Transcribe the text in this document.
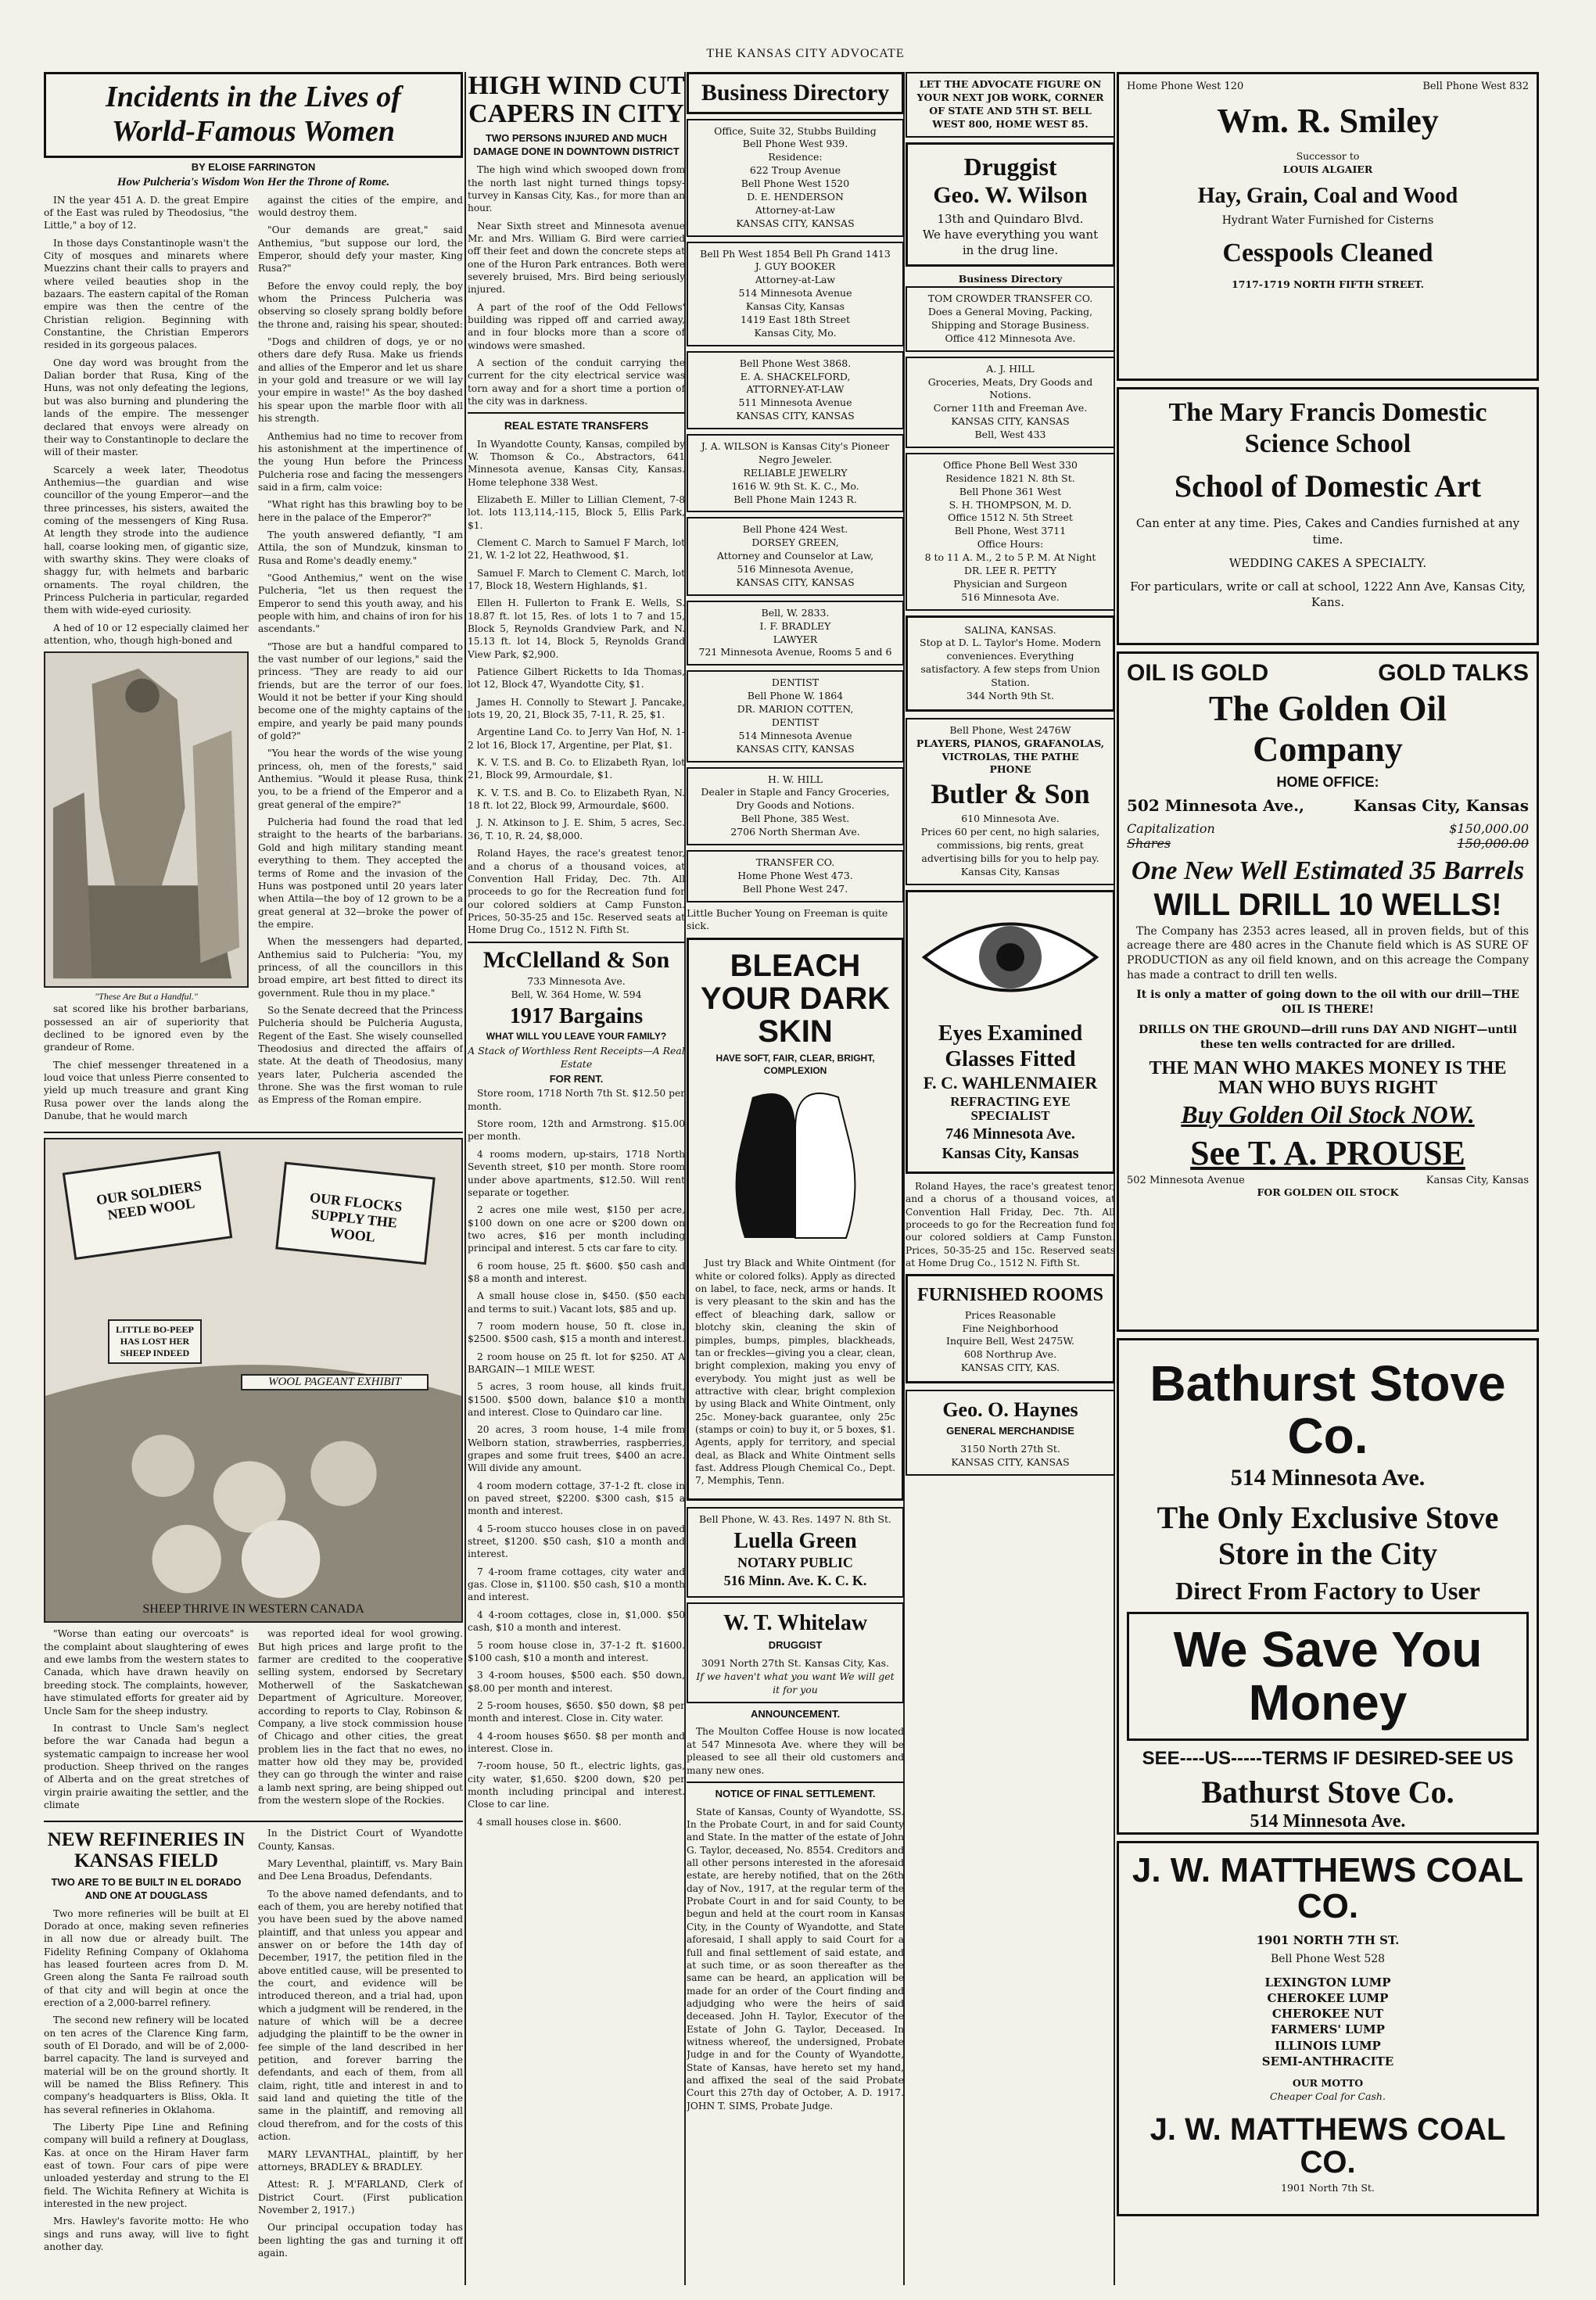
THE KANSAS CITY ADVOCATE
Incidents in the Lives of
World-Famous Women
BY ELOISE FARRINGTON
How Pulcheria's Wisdom Won Her the Throne of Rome.

IN the year 451 A. D. the great Empire of the East was ruled by Theodosius, "the Little," a boy of 12.

In those days Constantinople wasn't the City of mosques and minarets where Muezzins chant their calls to prayers and where veiled beauties shop in the bazaars. The eastern capital of the Roman empire was then the centre of the Christian religion. Beginning with Constantine, the Christian Emperors resided in its gorgeous palaces.

One day word was brought from the Dalian border that Rusa, King of the Huns, was not only defeating the legions, but was also burning and plundering the lands of the empire. The messenger declared that envoys were already on their way to Constantinople to declare the will of their master.

Scarcely a week later, Theodotus Anthemius—the guardian and wise councillor of the young Emperor—and the three princesses, his sisters, awaited the coming of the messengers of King Rusa. At length they strode into the audience hall, coarse looking men, of gigantic size, with swarthy skins. They were cloaks of shaggy fur, with helmets and barbaric ornaments. The royal children, the Princess Pulcheria in particular, regarded them with wide-eyed curiosity.

A hed of 10 or 12 especially claimed her attention, who, though high-boned and

"These Are But a Handful."

sat scored like his brother barbarians, possessed an air of superiority that declined to be ignored even by the grandeur of Rome.

The chief messenger threatened in a loud voice that unless Pierre consented to yield up much treasure and grant King Rusa power over the lands along the Danube, that he would march

against the cities of the empire, and would destroy them.

"Our demands are great," said Anthemius, "but suppose our lord, the Emperor, should defy your master, King Rusa?"

Before the envoy could reply, the boy whom the Princess Pulcheria was observing so closely sprang boldly before the throne and, raising his spear, shouted:

"Dogs and children of dogs, ye or no others dare defy Rusa. Make us friends and allies of the Emperor and let us share in your gold and treasure or we will lay your empire in waste!" As the boy dashed his spear upon the marble floor with all his strength.

Anthemius had no time to recover from his astonishment at the impertinence of the young Hun before the Princess Pulcheria rose and facing the messengers said in a firm, calm voice:

"What right has this brawling boy to be here in the palace of the Emperor?"

The youth answered defiantly, "I am Attila, the son of Mundzuk, kinsman to Rusa and Rome's deadly enemy."

"Good Anthemius," went on the wise Pulcheria, "let us then request the Emperor to send this youth away, and his people with him, and chains of iron for his ascendants."

"Those are but a handful compared to the vast number of our legions," said the princess. "They are ready to aid our friends, but are the terror of our foes. Would it not be better if your King should become one of the mighty captains of the empire, and yearly be paid many pounds of gold?"

"You hear the words of the wise young princess, oh, men of the forests," said Anthemius. "Would it please Rusa, think you, to be a friend of the Emperor and a great general of the empire?"

Pulcheria had found the road that led straight to the hearts of the barbarians. Gold and high military standing meant everything to them. They accepted the terms of Rome and the invasion of the Huns was postponed until 20 years later when Attila—the boy of 12 grown to be a great general at 32—broke the power of the empire.

When the messengers had departed, Anthemius said to Pulcheria: "You, my princess, of all the councillors in this broad empire, art best fitted to direct its government. Rule thou in my place."

So the Senate decreed that the Princess Pulcheria should be Pulcheria Augusta, Regent of the East. She wisely counselled Theodosius and directed the affairs of state. At the death of Theodosius, many years later, Pulcheria ascended the throne. She was the first woman to rule as Empress of the Roman empire.

OUR SOLDIERS NEED WOOL	OUR FLOCKS SUPPLY THE WOOL
LITTLE BO-PEEP HAS LOST HER SHEEP INDEED
WOOL PAGEANT EXHIBIT
SHEEP THRIVE IN WESTERN CANADA

"Worse than eating our overcoats" is the complaint about slaughtering of ewes and ewe lambs from the western states to Canada, which have drawn heavily on breeding stock. The complaints, however, have stimulated efforts for greater aid by Uncle Sam for the sheep industry.

In contrast to Uncle Sam's neglect before the war Canada had begun a systematic campaign to increase her wool production. Sheep thrived on the ranges of Alberta and on the great stretches of virgin prairie awaiting the settler, and the climate

was reported ideal for wool growing. But high prices and large profit to the farmer are credited to the cooperative selling system, endorsed by Secretary Motherwell of the Saskatchewan Department of Agriculture. Moreover, according to reports to Clay, Robinson & Company, a live stock commission house of Chicago and other cities, the great problem lies in the fact that no ewes, no matter how old they may be, provided they can go through the winter and raise a lamb next spring, are being shipped out from the western slope of the Rockies.

NEW REFINERIES IN KANSAS FIELD
TWO ARE TO BE BUILT IN EL DORADO AND ONE AT DOUGLASS

Two more refineries will be built at El Dorado at once, making seven refineries in all now due or already built. The Fidelity Refining Company of Oklahoma has leased fourteen acres from D. M. Green along the Santa Fe railroad south of that city and will begin at once the erection of a 2,000-barrel refinery.

The second new refinery will be located on ten acres of the Clarence King farm, south of El Dorado, and will be of 2,000-barrel capacity. The land is surveyed and material will be on the ground shortly. It will be named the Bliss Refinery. This company's headquarters is Bliss, Okla. It has several refineries in Oklahoma.

The Liberty Pipe Line and Refining company will build a refinery at Douglass, Kas. at once on the Hiram Haver farm east of town. Four cars of pipe were unloaded yesterday and strung to the El field. The Wichita Refinery at Wichita is interested in the new project.

Mrs. Hawley's favorite motto: He who sings and runs away, will live to fight another day.

In the District Court of Wyandotte County, Kansas.

Mary Leventhal, plaintiff, vs. Mary Bain and Dee Lena Broadus, Defendants.

To the above named defendants, and to each of them, you are hereby notified that you have been sued by the above named plaintiff, and that unless you appear and answer on or before the 14th day of December, 1917, the petition filed in the above entitled cause, will be presented to the court, and evidence will be introduced thereon, and a trial had, upon which a judgment will be rendered, in the nature of which will be a decree adjudging the plaintiff to be the owner in fee simple of the land described in her petition, and forever barring the defendants, and each of them, from all claim, right, title and interest in and to said land and quieting the title of the same in the plaintiff, and removing all cloud therefrom, and for the costs of this action.

MARY LEVANTHAL, plaintiff, by her attorneys, BRADLEY & BRADLEY.

Attest: R. J. M'FARLAND, Clerk of District Court. (First publication November 2, 1917.)

Our principal occupation today has been lighting the gas and turning it off again.

HIGH WIND CUT CAPERS IN CITY
TWO PERSONS INJURED AND MUCH DAMAGE DONE IN DOWNTOWN DISTRICT

The high wind which swooped down from the north last night turned things topsy-turvey in Kansas City, Kas., for more than an hour.

Near Sixth street and Minnesota avenue Mr. and Mrs. William G. Bird were carried off their feet and down the concrete steps at one of the Huron Park entrances. Both were severely bruised, Mrs. Bird being seriously injured.

A part of the roof of the Odd Fellows' building was ripped off and carried away, and in four blocks more than a score of windows were smashed.

A section of the conduit carrying the current for the city electrical service was torn away and for a short time a portion of the city was in darkness.

REAL ESTATE TRANSFERS

In Wyandotte County, Kansas, compiled by W. Thomson & Co., Abstractors, 641 Minnesota avenue, Kansas City, Kansas. Home telephone 338 West.

Elizabeth E. Miller to Lillian Clement, 7-8 lot. lots 113,114,-115, Block 5, Ellis Park, $1.

Clement C. March to Samuel F March, lot 21, W. 1-2 lot 22, Heathwood, $1.

Samuel F. March to Clement C. March, lot 17, Block 18, Western Highlands, $1.

Ellen H. Fullerton to Frank E. Wells, S. 18.87 ft. lot 15, Res. of lots 1 to 7 and 15, Block 5, Reynolds Grandview Park, and N. 15.13 ft. lot 14, Block 5, Reynolds Grand View Park, $2,900.

Patience Gilbert Ricketts to Ida Thomas, lot 12, Block 47, Wyandotte City, $1.

James H. Connolly to Stewart J. Pancake, lots 19, 20, 21, Block 35, 7-11, R. 25, $1.

Argentine Land Co. to Jerry Van Hof, N. 1-2 lot 16, Block 17, Argentine, per Plat, $1.

K. V. T.S. and B. Co. to Elizabeth Ryan, lot 21, Block 99, Armourdale, $1.

K. V. T.S. and B. Co. to Elizabeth Ryan, N. 18 ft. lot 22, Block 99, Armourdale, $600.

J. N. Atkinson to J. E. Shim, 5 acres, Sec. 36, T. 10, R. 24, $8,000.

Roland Hayes, the race's greatest tenor, and a chorus of a thousand voices, at Convention Hall Friday, Dec. 7th. All proceeds to go for the Recreation fund for our colored soldiers at Camp Funston. Prices, 50-35-25 and 15c. Reserved seats at Home Drug Co., 1512 N. Fifth St.

McClelland & Son
733 Minnesota Ave.
Bell, W. 364 Home, W. 594
1917 Bargains
WHAT WILL YOU LEAVE YOUR FAMILY?
A Stack of Worthless Rent Receipts—A Real Estate
FOR RENT.

Store room, 1718 North 7th St. $12.50 per month.

Store room, 12th and Armstrong. $15.00 per month.

4 rooms modern, up-stairs, 1718 North Seventh street, $10 per month. Store room under above apartments, $12.50. Will rent separate or together.

2 acres one mile west, $150 per acre, $100 down on one acre or $200 down on two acres, $16 per month including principal and interest. 5 cts car fare to city.

6 room house, 25 ft. $600. $50 cash and $8 a month and interest.

A small house close in, $450. ($50 each and terms to suit.) Vacant lots, $85 and up.

7 room modern house, 50 ft. close in, $2500. $500 cash, $15 a month and interest.

2 room house on 25 ft. lot for $250. AT A BARGAIN—1 MILE WEST.

5 acres, 3 room house, all kinds fruit, $1500. $500 down, balance $10 a month and interest. Close to Quindaro car line.

20 acres, 3 room house, 1-4 mile from Welborn station, strawberries, raspberries, grapes and some fruit trees, $400 an acre. Will divide any amount.

4 room modern cottage, 37-1-2 ft. close in on paved street, $2200. $300 cash, $15 a month and interest.

4 5-room stucco houses close in on paved street, $1200. $50 cash, $10 a month and interest.

7 4-room frame cottages, city water and gas. Close in, $1100. $50 cash, $10 a month and interest.

4 4-room cottages, close in, $1,000. $50 cash, $10 a month and interest.

5 room house close in, 37-1-2 ft. $1600. $100 cash, $10 a month and interest.

3 4-room houses, $500 each. $50 down, $8.00 per month and interest.

2 5-room houses, $650. $50 down, $8 per month and interest. Close in. City water.

4 4-room houses $650. $8 per month and interest. Close in.

7-room house, 50 ft., electric lights, gas, city water, $1,650. $200 down, $20 per month including principal and interest. Close to car line.

4 small houses close in. $600.

Business Directory
Office, Suite 32, Stubbs Building
Bell Phone West 939.
Residence:
622 Troup Avenue
Bell Phone West 1520
D. E. HENDERSON
Attorney-at-Law
KANSAS CITY, KANSAS
Bell Ph West 1854 Bell Ph Grand 1413
J. GUY BOOKER
Attorney-at-Law
514 Minnesota Avenue
Kansas City, Kansas
1419 East 18th Street
Kansas City, Mo.
Bell Phone West 3868.
E. A. SHACKELFORD,
ATTORNEY-AT-LAW
511 Minnesota Avenue
KANSAS CITY, KANSAS
J. A. WILSON is Kansas City's Pioneer Negro Jeweler.
RELIABLE JEWELRY
1616 W. 9th St. K. C., Mo.
Bell Phone Main 1243 R.
Bell Phone 424 West.
DORSEY GREEN,
Attorney and Counselor at Law,
516 Minnesota Avenue,
KANSAS CITY, KANSAS
Bell, W. 2833.
I. F. BRADLEY
LAWYER
721 Minnesota Avenue, Rooms 5 and 6
DENTIST
Bell Phone W. 1864
DR. MARION COTTEN,
DENTIST
514 Minnesota Avenue
KANSAS CITY, KANSAS
H. W. HILL
Dealer in Staple and Fancy Groceries, Dry Goods and Notions.
Bell Phone, 385 West.
2706 North Sherman Ave.
TRANSFER CO.
Home Phone West 473.
Bell Phone West 247.
Little Bucher Young on Freeman is quite sick.
BLEACH YOUR DARK SKIN
HAVE SOFT, FAIR, CLEAR, BRIGHT, COMPLEXION

Just try Black and White Ointment (for white or colored folks). Apply as directed on label, to face, neck, arms or hands. It is very pleasant to the skin and has the effect of bleaching dark, sallow or blotchy skin, cleaning the skin of pimples, bumps, pimples, blackheads, tan or freckles—giving you a clear, clean, bright complexion, making you envy of everybody. You might just as well be attractive with clear, bright complexion by using Black and White Ointment, only 25c. Money-back guarantee, only 25c (stamps or coin) to buy it, or 5 boxes, $1. Agents, apply for territory, and special deal, as Black and White Ointment sells fast. Address Plough Chemical Co., Dept. 7, Memphis, Tenn.

Bell Phone, W. 43. Res. 1497 N. 8th St.
Luella Green
NOTARY PUBLIC
516 Minn. Ave. K. C. K.
W. T. Whitelaw
DRUGGIST
3091 North 27th St. Kansas City, Kas.
If we haven't what you want We will get it for you
ANNOUNCEMENT.

The Moulton Coffee House is now located at 547 Minnesota Ave. where they will be pleased to see all their old customers and many new ones.

NOTICE OF FINAL SETTLEMENT.

State of Kansas, County of Wyandotte, SS. In the Probate Court, in and for said County and State. In the matter of the estate of John G. Taylor, deceased, No. 8554. Creditors and all other persons interested in the aforesaid estate, are hereby notified, that on the 26th day of Nov., 1917, at the regular term of the Probate Court in and for said County, to be begun and held at the court room in Kansas City, in the County of Wyandotte, and State aforesaid, I shall apply to said Court for a full and final settlement of said estate, and at such time, or as soon thereafter as the same can be heard, an application will be made for an order of the Court finding and adjudging who were the heirs of said deceased. John H. Taylor, Executor of the Estate of John G. Taylor, Deceased. In witness whereof, the undersigned, Probate Judge in and for the County of Wyandotte, State of Kansas, have hereto set my hand, and affixed the seal of the said Probate Court this 27th day of October, A. D. 1917. JOHN T. SIMS, Probate Judge.

LET THE ADVOCATE FIGURE ON YOUR NEXT JOB WORK, CORNER OF STATE AND 5TH ST. BELL WEST 800, HOME WEST 85.
Druggist
Geo. W. Wilson
13th and Quindaro Blvd.
We have everything you want in the drug line.
Business Directory
TOM CROWDER TRANSFER CO.
Does a General Moving, Packing, Shipping and Storage Business.
Office 412 Minnesota Ave.
A. J. HILL
Groceries, Meats, Dry Goods and Notions.
Corner 11th and Freeman Ave.
KANSAS CITY, KANSAS
Bell, West 433
Office Phone Bell West 330
Residence 1821 N. 8th St.
Bell Phone 361 West
S. H. THOMPSON, M. D.
Office 1512 N. 5th Street
Bell Phone, West 3711
Office Hours:
8 to 11 A. M., 2 to 5 P. M. At Night
DR. LEE R. PETTY
Physician and Surgeon
516 Minnesota Ave.
SALINA, KANSAS.
Stop at D. L. Taylor's Home. Modern conveniences. Everything satisfactory. A few steps from Union Station.
344 North 9th St.
Bell Phone, West 2476W
PLAYERS, PIANOS, GRAFANOLAS, VICTROLAS, THE PATHE
PHONE
Butler & Son
610 Minnesota Ave.
Prices 60 per cent, no high salaries, commissions, big rents, great advertising bills for you to help pay.
Kansas City, Kansas
Eyes Examined
Glasses Fitted
F. C. WAHLENMAIER
REFRACTING EYE SPECIALIST
746 Minnesota Ave.
Kansas City, Kansas

Roland Hayes, the race's greatest tenor, and a chorus of a thousand voices, at Convention Hall Friday, Dec. 7th. All proceeds to go for the Recreation fund for our colored soldiers at Camp Funston. Prices, 50-35-25 and 15c. Reserved seats at Home Drug Co., 1512 N. Fifth St.

FURNISHED ROOMS
Prices Reasonable
Fine Neighborhood
Inquire Bell, West 2475W.
608 Northrup Ave.
KANSAS CITY, KAS.
Geo. O. Haynes
GENERAL MERCHANDISE
3150 North 27th St.
KANSAS CITY, KANSAS
Home Phone West 120	Bell Phone West 832
Wm. R. Smiley
Successor to
LOUIS ALGAIER
Hay, Grain, Coal and Wood
Hydrant Water Furnished for Cisterns
Cesspools Cleaned
1717-1719 NORTH FIFTH STREET.
The Mary Francis Domestic
Science School
School of Domestic Art
Can enter at any time. Pies, Cakes and Candies furnished at any time.
WEDDING CAKES A SPECIALTY.
For particulars, write or call at school, 1222 Ann Ave, Kansas City, Kans.
OIL IS GOLD	GOLD TALKS
The Golden Oil
Company
HOME OFFICE:
502 Minnesota Ave.,	Kansas City, Kansas
Capitalization	$150,000.00
Shares	150,000.00
One New Well Estimated 35 Barrels
WILL DRILL 10 WELLS!

The Company has 2353 acres leased, all in proven fields, but of this acreage there are 480 acres in the Chanute field which is AS SURE OF PRODUCTION as any oil field known, and on this acreage the Company has made a contract to drill ten wells.

It is only a matter of going down to the oil with our drill—THE OIL IS THERE!
DRILLS ON THE GROUND—drill runs DAY AND NIGHT—until these ten wells contracted for are drilled.
THE MAN WHO MAKES MONEY IS THE MAN WHO BUYS RIGHT
Buy Golden Oil Stock NOW.
See T. A. PROUSE
502 Minnesota Avenue	Kansas City, Kansas
FOR GOLDEN OIL STOCK
Bathurst Stove Co.
514 Minnesota Ave.
The Only Exclusive Stove
Store in the City
Direct From Factory to User
We Save You Money
SEE----US-----TERMS IF DESIRED-SEE US
Bathurst Stove Co.
514 Minnesota Ave.
J. W. MATTHEWS COAL CO.
1901 NORTH 7TH ST.
Bell Phone West 528
LEXINGTON LUMP
CHEROKEE LUMP
CHEROKEE NUT
FARMERS' LUMP
ILLINOIS LUMP
SEMI-ANTHRACITE
OUR MOTTO
Cheaper Coal for Cash.
J. W. MATTHEWS COAL CO.
1901 North 7th St.
